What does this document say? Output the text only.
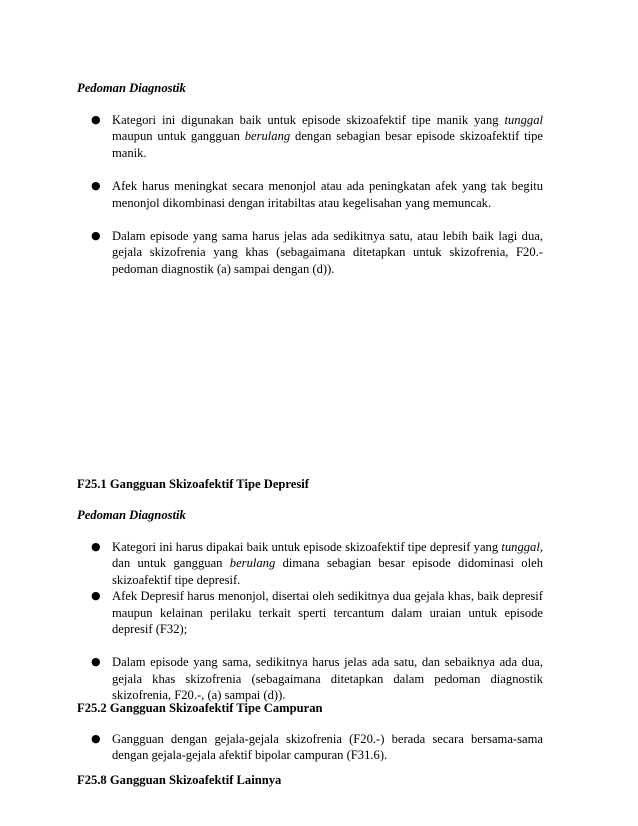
Pedoman Diagnostik

● Kategori ini digunakan baik untuk episode skizoafektif tipe manik yang tunggal maupun untuk gangguan berulang dengan sebagian besar episode skizoafektif tipe manik.
● Afek harus meningkat secara menonjol atau ada peningkatan afek yang tak begitu menonjol dikombinasi dengan iritabiltas atau kegelisahan yang memuncak.
● Dalam episode yang sama harus jelas ada sedikitnya satu, atau lebih baik lagi dua, gejala skizofrenia yang khas (sebagaimana ditetapkan untuk skizofrenia, F20.- pedoman diagnostik (a) sampai dengan (d)).

F25.1 Gangguan Skizoafektif Tipe Depresif

Pedoman Diagnostik

● Kategori ini harus dipakai baik untuk episode skizoafektif tipe depresif yang tunggal, dan untuk gangguan berulang dimana sebagian besar episode didominasi oleh skizoafektif tipe depresif.
● Afek Depresif harus menonjol, disertai oleh sedikitnya dua gejala khas, baik depresif maupun kelainan perilaku terkait sperti tercantum dalam uraian untuk episode depresif (F32);
● Dalam episode yang sama, sedikitnya harus jelas ada satu, dan sebaiknya ada dua, gejala khas skizofrenia (sebagaimana ditetapkan dalam pedoman diagnostik skizofrenia, F20.-, (a) sampai (d)).

F25.2 Gangguan Skizoafektif Tipe Campuran

● Gangguan dengan gejala-gejala skizofrenia (F20.-) berada secara bersama-sama dengan gejala-gejala afektif bipolar campuran (F31.6).

F25.8 Gangguan Skizoafektif Lainnya
